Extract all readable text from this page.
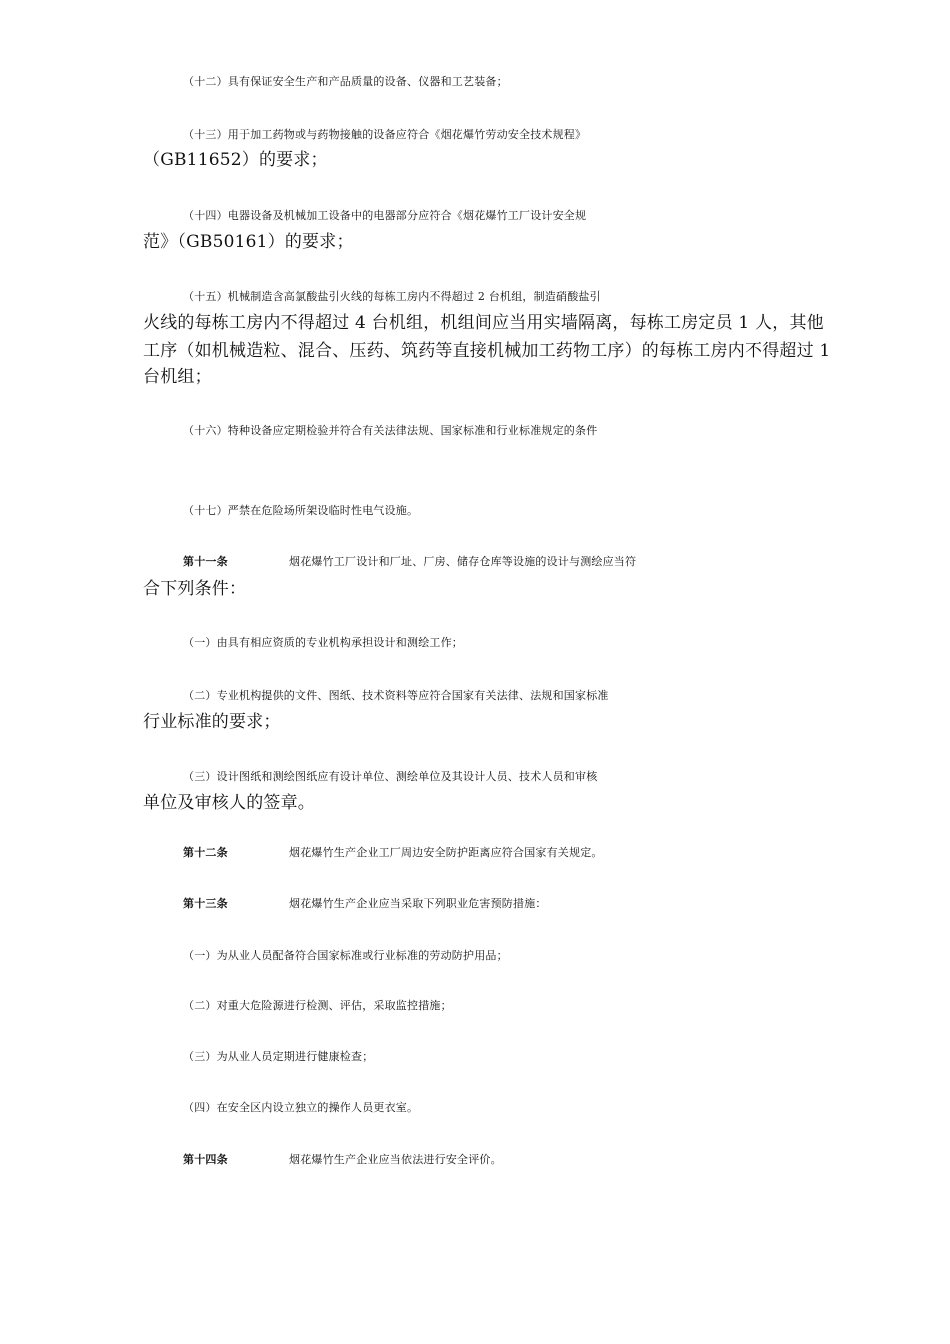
（十二）具有保证安全生产和产品质量的设备、仪器和工艺装备；
（十三）用于加工药物或与药物接触的设备应符合《烟花爆竹劳动安全技术规程》
（GB11652）的要求；
（十四）电器设备及机械加工设备中的电器部分应符合《烟花爆竹工厂设计安全规
范》（GB50161）的要求；
（十五）机械制造含高氯酸盐引火线的每栋工房内不得超过 2 台机组，制造硝酸盐引
火线的每栋工房内不得超过 4 台机组，机组间应当用实墙隔离，每栋工房定员 1 人，其他
工序（如机械造粒、混合、压药、筑药等直接机械加工药物工序）的每栋工房内不得超过 1
台机组；
（十六）特种设备应定期检验并符合有关法律法规、国家标准和行业标准规定的条件
（十七）严禁在危险场所架设临时性电气设施。
第十一条	烟花爆竹工厂设计和厂址、厂房、储存仓库等设施的设计与测绘应当符
合下列条件：
（一）由具有相应资质的专业机构承担设计和测绘工作；
（二）专业机构提供的文件、图纸、技术资料等应符合国家有关法律、法规和国家标准
行业标准的要求；
（三）设计图纸和测绘图纸应有设计单位、测绘单位及其设计人员、技术人员和审核
单位及审核人的签章。
第十二条	烟花爆竹生产企业工厂周边安全防护距离应符合国家有关规定。
第十三条	烟花爆竹生产企业应当采取下列职业危害预防措施：
（一）为从业人员配备符合国家标准或行业标准的劳动防护用品；
（二）对重大危险源进行检测、评估，采取监控措施；
（三）为从业人员定期进行健康检查；
（四）在安全区内设立独立的操作人员更衣室。
第十四条	烟花爆竹生产企业应当依法进行安全评价。
